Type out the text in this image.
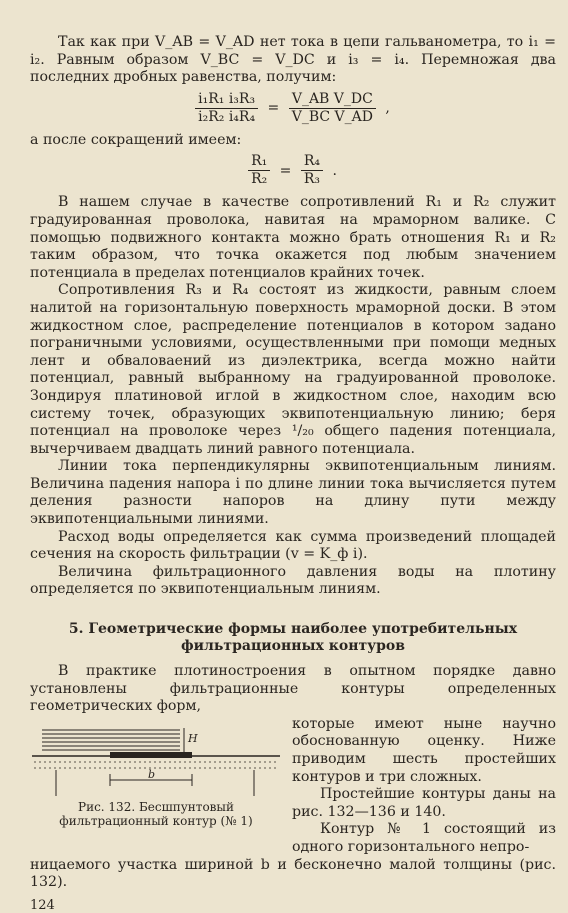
Так как при V_AB = V_AD нет тока в цепи гальванометра, то i₁ = i₂. Равным образом V_BC = V_DC и i₃ = i₄. Перемножая два последних дробных равенства, получим:

$\frac{\text{i₁R₁ i₃R₃}}{\text{i₂R₂ i₄R₄}} = \frac{\text{V\_AB V\_DC}}{\text{V\_BC V\_AD}}$ ,

а после сокращений имеем:

$\frac{\text{R₁}}{\text{R₂}} = \frac{\text{R₄}}{\text{R₃}}$ .

В нашем случае в качестве сопротивлений R₁ и R₂ служит градуированная проволока, навитая на мраморном валике. С помощью подвижного контакта можно брать отношения R₁ и R₂ таким образом, что точка окажется под любым значением потенциала в пределах потенциалов крайних точек.

Сопротивления R₃ и R₄ состоят из жидкости, равным слоем налитой на горизонтальную поверхность мраморной доски. В этом жидкостном слое, распределение потенциалов в котором задано пограничными условиями, осуществленными при помощи медных лент и обваловаений из диэлектрика, всегда можно найти потенциал, равный выбранному на градуированной проволоке. Зондируя платиновой иглой в жидкостном слое, находим всю систему точек, образующих эквипотенциальную линию; беря потенциал на проволоке через ¹/₂₀ общего падения потенциала, вычерчиваем двадцать линий равного потенциала.

Линии тока перпендикулярны эквипотенциальным линиям. Величина падения напора i по длине линии тока вычисляется путем деления разности напоров на длину пути между эквипотенциальными линиями.

Расход воды определяется как сумма произведений площадей сечения на скорость фильтрации (v = K_ф i).

Величина фильтрационного давления воды на плотину определяется по эквипотенциальным линиям.

5. Геометрические формы наиболее употребительных фильтрационных контуров

В практике плотиностроения в опытном порядке давно установлены фильтрационные контуры определенных геометрических форм,

H
b
Рис. 132. Бесшпунтовый фильтрационный контур (№ 1)

которые имеют ныне научно обоснованную оценку. Ниже приводим шесть простейших контуров и три сложных.

Простейшие контуры даны на рис. 132—136 и 140.

Контур № 1 состоящий из одного горизонтального непро-

ницаемого участка шириной b и бесконечно малой толщины (рис. 132).

124
